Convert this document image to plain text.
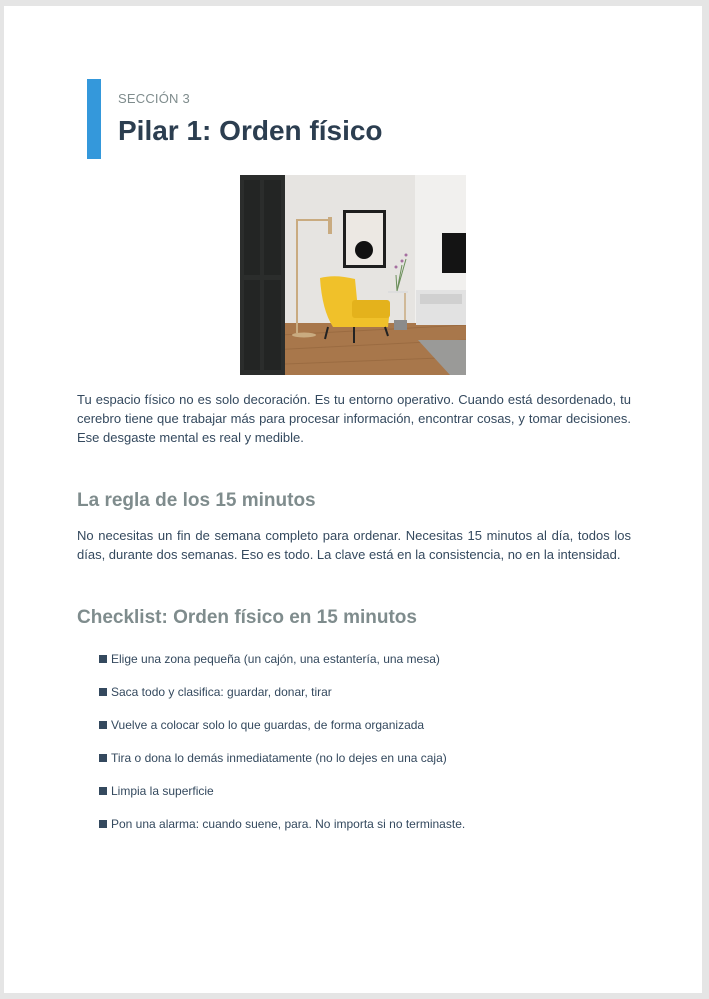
SECCIÓN 3
Pilar 1: Orden físico

Tu espacio físico no es solo decoración. Es tu entorno operativo. Cuando está desordenado, tu cerebro tiene que trabajar más para procesar información, encontrar cosas, y tomar decisiones. Ese desgaste mental es real y medible.

La regla de los 15 minutos

No necesitas un fin de semana completo para ordenar. Necesitas 15 minutos al día, todos los días, durante dos semanas. Eso es todo. La clave está en la consistencia, no en la intensidad.

Checklist: Orden físico en 15 minutos
Elige una zona pequeña (un cajón, una estantería, una mesa)
Saca todo y clasifica: guardar, donar, tirar
Vuelve a colocar solo lo que guardas, de forma organizada
Tira o dona lo demás inmediatamente (no lo dejes en una caja)
Limpia la superficie
Pon una alarma: cuando suene, para. No importa si no terminaste.
